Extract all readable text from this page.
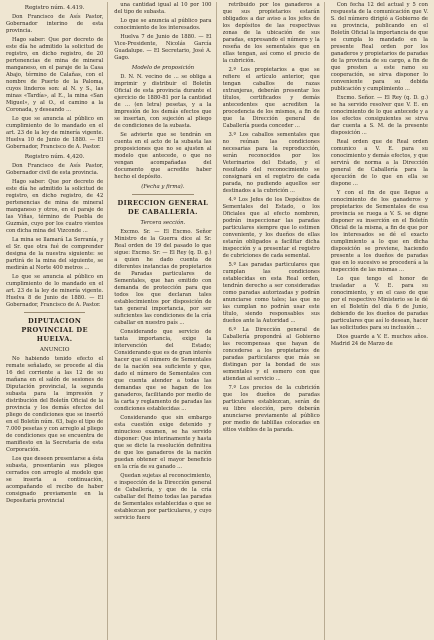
Registro núm. 4.419.

Don Francisco de Asís Pastor, Gobernador interino de esta provincia.

Hago saber: Que por decreto de este día he admitido la solicitud de registro, en dicho registro, de 20 pertenencias de mina de mineral manganeso, en el paraje de la Casa Abajo, término de Calañas, con el nombre de Puerto de la Paloma, cuyos linderos son: al N. y S., las minas «Tardía», al E., la mina «San Miguel», y al O., el camino a la Coronada, y deseando ...

Lo que se anuncia al público en cumplimiento de lo mandado en el art. 23 de la ley de minería vigente. Huelva 10 de Junio de 1880. — El Gobernador, Francisco de A. Pastor.

Registro núm. 4,420.

Don Francisco de Asís Pastor, Gobernador civil de esta provincia.

Hago saber: Que por decreto de este día he admitido la solicitud de registro, en dicho registro, de 42 pertenencias de mina de mineral manganeso y otros, en el paraje de las Viñas, término de Puebla de Guzmán, cuyo por los cuatro vientos con dicha mina del Vizconde ...

La mina se llamará La Serranía, y el Sr. que otra fué de comprender designa de la nuestra siguiente: se partirá de la mina del siguiente, se medirán al Norte 400 metros ...

Lo que se anuncia al público en cumplimiento de lo mandado en el art. 23 de la ley de minería vigente. Huelva 8 de Junio de 1880. — El Gobernador, Francisco de A. Pastor.

DIPUTACION PROVINCIAL DE HUELVA.
ANUNCIO

No habiendo tenido efecto el remate señalado, se procede al día 16 del corriente a las 12 de su mañana en el salón de sesiones de Diputación provincial, la segunda subasta para la impresión y distribución del Boletín Oficial de la provincia y los demás efectos del pliego de condiciones que se insertó en el Boletín núm. 63, bajo el tipo de 7.000 pesetas y con arreglo al pliego de condiciones que se encuentra de manifiesto en la Secretaría de esta Corporación.

Los que deseen presentarse a ésta subasta, presentarán sus pliegos cerrados con arreglo al modelo que se inserta a continuación, acompañando el recibo de haber consignado previamente en la Depositaría provincial

una cantidad igual al 10 por 100 del tipo de subasta.

Lo que se anuncia al público para conocimiento de los interesados.

Huelva 7 de Junio de 1880. — El Vice-Presidente, Nicolás García Guadalupe. — El Secretario, José A. Gago.

Modelo de proposición

D. N. N. vecino de ... se obliga a imprimir y distribuir el Boletín Oficial de esta provincia durante el ejercicio de 1880-81 por la cantidad de ... (en letra) pesetas, y a la impresión de los demás efectos que se insertan, con sujeción al pliego de condiciones de la subasta.

Se advierte que se tendrán en cuenta en el acto de la subasta las proposiciones que no se ajusten al modelo que antecede, o que no vengan acompañadas del documento que acredite haber hecho el depósito.

(Fecha y firma).
DIRECCION GENERAL DE CABALLERÍA.
Tercera sección.

Excmo. Sr. — El Excmo. Señor Ministro de la Guerra dice al Sr. Real orden de 19 del pasado lo que sigue: Excmo. Sr: — El Rey (q. D. g.) a quien he dado cuenta de diferentes instancias de propietarios de Paradas particulares de Sementales, que han emitido con demanda de protección para que todos los que declaran tales establecimientos por disposición de tan general importancia, por ser suficientes las condiciones de la cría caballar en nuestro país ...

Considerando que servicio de tanta importancia, exige la intervención del Estado; Considerando que es de gran interés hacer que el número de Sementales de la nación sea suficiente y que, dado el número de Sementales con que cuenta atender a todas las demandas que se hagan de los ganaderos, facilitando por medio de la carta y reglamento de paradas las condiciones establecidas ...

Considerando que sin embargo esta cuestión exige detenido y minucioso examen, se ha servido disponer: Que interinamente y hasta que se dicte la resolución definitiva de que los ganaderos de la nación puedan obtener el mayor beneficio en la cría de su ganado ...

Quedan sujetas al reconocimiento, e inspección de la Dirección general de Caballería, y que de la cría caballar del Reino todas las paradas de Sementales establecidas o que se establezcan por particulares, y cuyo servicio fuere

retribuido por los ganaderos a que sus propietarios estarán obligados a dar aviso a los jefes de los depósitos de las respectivas zonas de la ubicación de sus paradas, expresando el número y la reseña de los sementales que en ellas tengan, así como el precio de la cubrición.

2.º Los propietarios a que se refiere el artículo anterior, que tengan caballos de razas extranjeras, deberán presentar los títulos, certificados y demás antecedentes que acrediten la procedencia de los mismos, a fin de que la Dirección general de Caballería pueda conceder ...

3.º Los caballos sementales que no reúnan las condiciones necesarias para la reproducción, serán reconocidos por los Veterinarios del Estado, y el resultado del reconocimiento se consignará en el registro de cada parada, no pudiendo aquellos ser destinados a la cubrición ...

4.º Los Jefes de los Depósitos de Sementales del Estado, o los Oficiales que al efecto nombren, podrán inspeccionar las paradas particulares siempre que lo estimen conveniente, y los dueños de ellas estarán obligados a facilitar dicha inspección y a presentar el registro de cubriciones de cada semental.

5.º Las paradas particulares que cumplan las condiciones establecidas en esta Real orden, tendrán derecho a ser consideradas como paradas autorizadas y podrán anunciarse como tales; las que no las cumplan no podrán usar este título, siendo responsables sus dueños ante la Autoridad ...

6.º La Dirección general de Caballería propondrá al Gobierno las recompensas que hayan de concederse a los propietarios de paradas particulares que más se distingan por la bondad de sus sementales y el esmero con que atiendan al servicio ...

7.º Los precios de la cubrición que los dueños de paradas particulares establezcan, serán de su libre elección, pero deberán anunciarse previamente al público por medio de tablillas colocadas en sitios visibles de la parada.

Con fecha 12 del actual y 5 con respuesta de la comunicación que V. S. del número dirigió a Gobierno de su provincia, publicando en el Boletín Oficial la importancia de que se cumpla lo mandado en la presente Real orden por los ganaderos y propietarios de paradas de la provincia de su cargo, a fin de que presten a este ramo su cooperación, se sirva disponer lo conveniente para su debida publicación y cumplimiento ...

Excmo. Señor. — El Rey (q. D. g.) se ha servido resolver que V. E. en conocimiento de lo que antecede y a los efectos consiguientes se sirva dar cuenta a S. M. de la presente disposición ...

Real orden que de Real orden comunico a V. E. para su conocimiento y demás efectos, y que servirá de norma a la Dirección general de Caballería para la ejecución de lo que en ella se dispone ...

Y con el fin de que llegue a conocimiento de los ganaderos y propietarios de Sementales de esa provincia se ruega a V. S. se digne disponer su inserción en el Boletín Oficial de la misma, a fin de que por los interesados se dé el exacto cumplimiento a lo que en dicha disposición se previene, haciendo presente a los dueños de paradas que en lo sucesivo se procederá a la inspección de las mismas ...

Lo que tengo el honor de trasladar a V. E. para su conocimiento, y en el caso de que por el respectivo Ministerio se le dé en el Boletín del día 6 de Junio, debiendo de los dueños de paradas particulares que así lo desean, hacer las solicitudes para su inclusión ...

Dios guarde a V. E. muchos años. Madrid 24 de Marzo de
